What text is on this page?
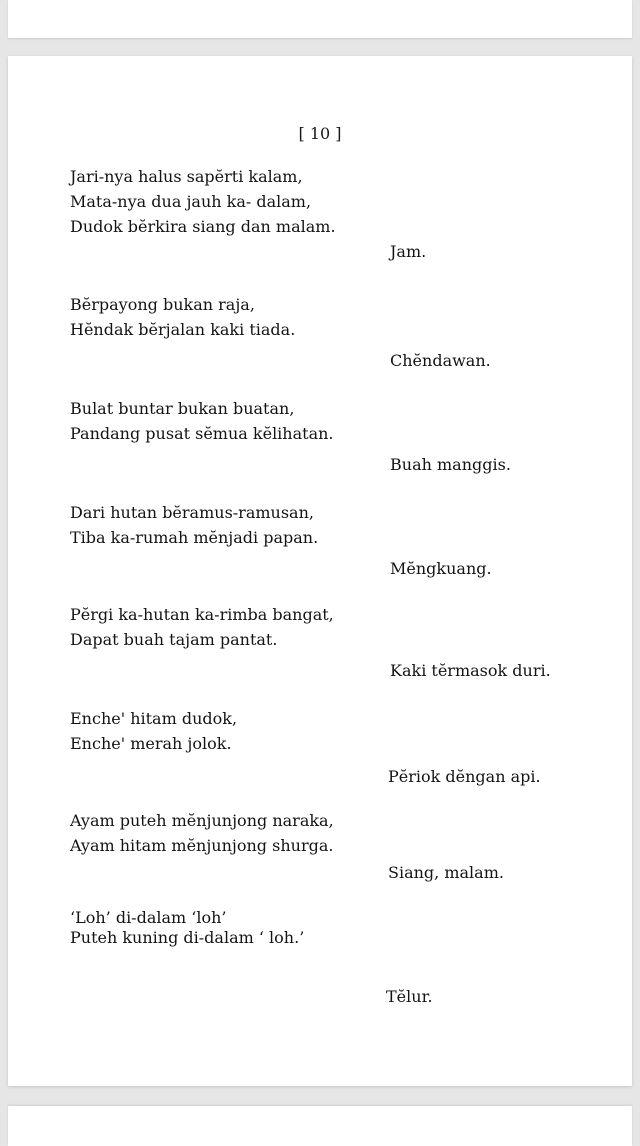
[ 10 ]
Jari-nya halus sapĕrti kalam,
Mata-nya dua jauh ka- dalam,
Dudok bĕrkira siang dan malam.
Jam.
Bĕrpayong bukan raja,
Hĕndak bĕrjalan kaki tiada.
Chĕndawan.
Bulat buntar bukan buatan,
Pandang pusat sĕmua kĕlihatan.
Buah manggis.
Dari hutan bĕramus-ramusan,
Tiba ka-rumah mĕnjadi papan.
Mĕngkuang.
Pĕrgi ka-hutan ka-rimba bangat,
Dapat buah tajam pantat.
Kaki tĕrmasok duri.
Enche' hitam dudok,
Enche' merah jolok.
Pĕriok dĕngan api.
Ayam puteh mĕnjunjong naraka,
Ayam hitam mĕnjunjong shurga.
Siang, malam.
‘Loh’ di-dalam ‘loh’
Puteh kuning di-dalam ‘ loh.’
Tĕlur.
